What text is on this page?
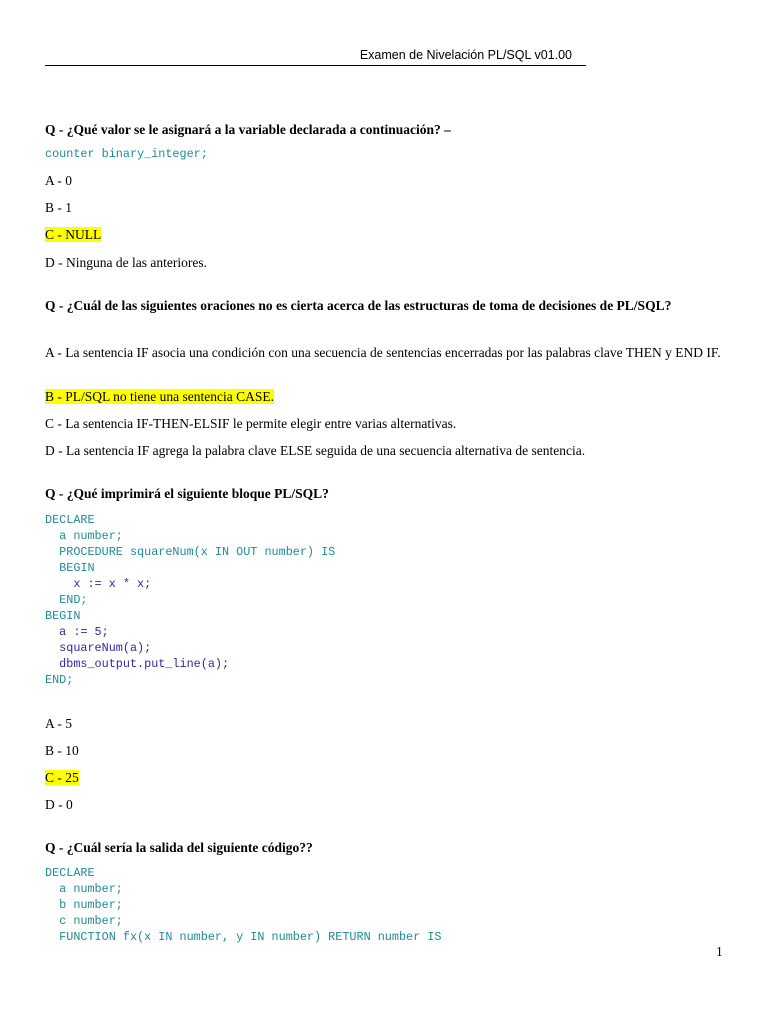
Examen de Nivelación PL/SQL v01.00
Q - ¿Qué valor se le asignará a la variable declarada a continuación? –
counter binary_integer;
A - 0
B - 1
C - NULL
D - Ninguna de las anteriores.
Q - ¿Cuál de las siguientes oraciones no es cierta acerca de las estructuras de toma de decisiones de PL/SQL?
A - La sentencia IF asocia una condición con una secuencia de sentencias encerradas por las palabras clave THEN y END IF.
B - PL/SQL no tiene una sentencia CASE.
C - La sentencia IF-THEN-ELSIF le permite elegir entre varias alternativas.
D - La sentencia IF agrega la palabra clave ELSE seguida de una secuencia alternativa de sentencia.
Q - ¿Qué imprimirá el siguiente bloque PL/SQL?
DECLARE
a number;
PROCEDURE squareNum(x IN OUT number) IS
BEGIN
x := x * x;
END;
BEGIN
a := 5;
squareNum(a);
dbms_output.put_line(a);
END;
A - 5
B - 10
C - 25
D - 0
Q - ¿Cuál sería la salida del siguiente código??
DECLARE
a number;
b number;
c number;
FUNCTION fx(x IN number, y IN number) RETURN number IS
1
